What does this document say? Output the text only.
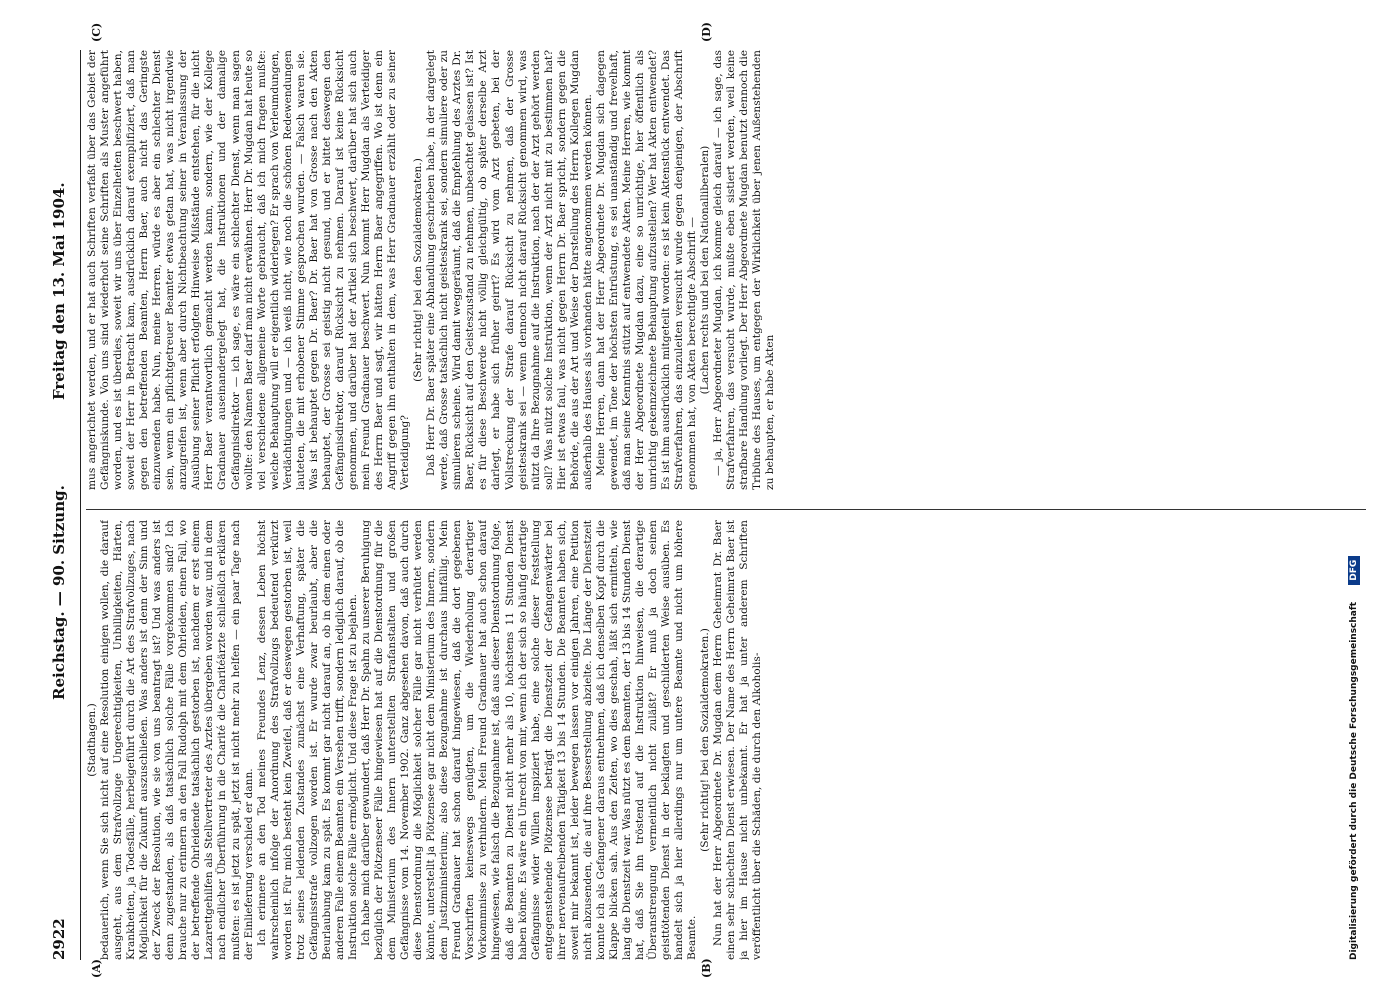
2922
Reichstag. — 90. Sitzung.
Freitag den 13. Mai 1904.
(A)	(B)
(C)	(D)

(Stadthagen.) bedauerlich, wenn Sie sich nicht auf eine Resolution einigen wollen, die darauf ausgeht, aus dem Strafvollzuge Ungerechtigkeiten, Unbilligkeiten, Härten, Krankheiten, ja Todesfälle, herbeigeführt durch die Art des Strafvollzuges, nach Möglichkeit für die Zukunft auszuschließen. Was anders ist denn der Sinn und der Zweck der Resolution, wie sie von uns beantragt ist? Und was anders ist denn zugestanden, als daß tatsächlich solche Fälle vorgekommen sind? Ich brauche nur zu erinnern an den Fall Rudolph mit dem Ohrleiden, einen Fall, wo der betreffende Ohrleidende tatsächlich gestorben ist, nachdem er erst einem Lazarettgehilfen als Stellvertreter des Arztes übergeben worden war, und in dem nach endlicher Überführung in die Charité die Charitéärzte schließlich erklären mußten: es ist jetzt zu spät, jetzt ist nicht mehr zu helfen — ein paar Tage nach der Einlieferung verschied er dann. Ich erinnere an den Tod meines Freundes Lenz, dessen Leben höchst wahrscheinlich infolge der Anordnung des Strafvollzugs bedeutend verkürzt worden ist. Für mich besteht kein Zweifel, daß er deswegen gestorben ist, weil trotz seines leidenden Zustandes zunächst eine Verhaftung, später die Gefängnisstrafe vollzogen worden ist. Er wurde zwar beurlaubt, aber die Beurlaubung kam zu spät. Es kommt gar nicht darauf an, ob in dem einen oder anderen Falle einem Beamten ein Versehen trifft, sondern lediglich darauf, ob die Instruktion solche Fälle ermöglicht. Und diese Frage ist zu bejahen. Ich habe mich darüber gewundert, daß Herr Dr. Spahn zu unserer Beruhigung bezüglich der Plötzenseer Fälle hingewiesen hat auf die Dienstordnung für die dem Ministerium des Innern unterstellten Strafanstalten und großen Gefängnisse vom 14. November 1902. Ganz abgesehen davon, daß auch durch diese Dienstordnung die Möglichkeit solcher Fälle gar nicht verhütet werden könnte, unterstellt ja Plötzensee gar nicht dem Ministerium des Innern, sondern dem Justizministerium; also diese Bezugnahme ist durchaus hinfällig. Mein Freund Gradnauer hat schon darauf hingewiesen, daß die dort gegebenen Vorschriften keineswegs genügten, um die Wiederholung derartiger Vorkommnisse zu verhindern. Mein Freund Gradnauer hat auch schon darauf hingewiesen, wie falsch die Bezugnahme ist, daß aus dieser Dienstordnung folge, daß die Beamten zu Dienst nicht mehr als 10, höchstens 11 Stunden Dienst haben könne. Es wäre ein Unrecht von mir, wenn ich der sich so häufig derartige Gefängnisse wider Willen inspiziert habe, eine solche dieser Feststellung entgegenstehende Plötzensee beträgt die Dienstzeit der Gefangenwärter bei ihrer nervenaufreibenden Tätigkeit 13 bis 14 Stunden. Die Beamten haben sich, soweit mir bekannt ist, leider bewegen lassen vor einigen Jahren, eine Petition nicht abzusenden, die auf ihre Besserstellung abzielte. Die Länge der Dienstzeit konnte ich als Gefangener daraus entnehmen, daß ich denselben Kopf durch die Klappe blicken sah. Aus den Zeiten, wo dies geschah, läßt sich ermitteln, wie lang die Dienstzeit war. Was nützt es dem Beamten, der 13 bis 14 Stunden Dienst hat, daß Sie ihn tröstend auf die Instruktion hinweisen, die derartige Überanstrengung vermeintlich nicht zuläßt? Er muß ja doch seinen geisttötenden Dienst in der beklagten und geschilderten Weise ausüben. Es handelt sich ja hier allerdings nur um untere Beamte und nicht um höhere Beamte.

(Sehr richtig! bei den Sozialdemokraten.) Nun hat der Herr Abgeordnete Dr. Mugdan dem Herrn Geheimrat Dr. Baer einen sehr schlechten Dienst erwiesen. Der Name des Herrn Geheimrat Baer ist ja hier im Hause nicht unbekannt. Er hat ja unter anderem Schriften veröffentlicht über die Schäden, die durch den Alkoholis-

mus angerichtet werden, und er hat auch Schriften verfaßt über das Gebiet der Gefängniskunde. Von uns sind wiederholt seine Schriften als Muster angeführt worden, und es ist überdies, soweit wir uns über Einzelheiten beschwert haben, soweit der Herr in Betracht kam, ausdrücklich darauf exemplifiziert, daß man gegen den betreffenden Beamten, Herrn Baer, auch nicht das Geringste einzuwenden habe. Nun, meine Herren, würde es aber ein schlechter Dienst sein, wenn ein pflichtgetreuer Beamter etwas getan hat, was nicht irgendwie anzugreifen ist, wenn aber durch Nichtbeachtung seiner in Veranlassung der Ausübung seiner Pflicht erfolgten Hinweise Mißstände entstehen, für die nicht Herr Baer verantwortlich gemacht werden kann, sondern, wie der Kollege Gradnauer auseinandergelegt hat, die Instruktionen und der damalige Gefängnisdirektor — ich sage, es wäre ein schlechter Dienst, wenn man sagen wollte: den Namen Baer darf man nicht erwähnen. Herr Dr. Mugdan hat heute so viel verschiedene allgemeine Worte gebraucht, daß ich mich fragen mußte: welche Behauptung will er eigentlich widerlegen? Er sprach von Verleumdungen, Verdächtigungen und — ich weiß nicht, wie noch die schönen Redewendungen lauteten, die mit erhobener Stimme gesprochen wurden. — Falsch waren sie. Was ist behauptet gegen Dr. Baer? Dr. Baer hat von Grosse nach den Akten behauptet, der Grosse sei geistig nicht gesund, und er bittet deswegen den Gefängnisdirektor, darauf Rücksicht zu nehmen. Darauf ist keine Rücksicht genommen, und darüber hat der Artikel sich beschwert, darüber hat sich auch mein Freund Gradnauer beschwert. Nun kommt Herr Mugdan als Verteidiger des Herrn Baer und sagt, wir hätten Herrn Baer angegriffen. Wo ist denn ein Angriff gegen ihn enthalten in dem, was Herr Gradnauer erzählt oder zu seiner Verteidigung?

(Sehr richtig! bei den Sozialdemokraten.) Daß Herr Dr. Baer später eine Abhandlung geschrieben habe, in der dargelegt werde, daß Grosse tatsächlich nicht geisteskrank sei, sondern simuliere oder zu simulieren scheine. Wird damit weggeräumt, daß die Empfehlung des Arztes Dr. Baer, Rücksicht auf den Geisteszustand zu nehmen, unbeachtet gelassen ist? Ist es für diese Beschwerde nicht völlig gleichgültig, ob später derselbe Arzt darlegt, er habe sich früher geirrt? Es wird vom Arzt gebeten, bei der Vollstreckung der Strafe darauf Rücksicht zu nehmen, daß der Grosse geisteskrank sei — wenn dennoch nicht darauf Rücksicht genommen wird, was nützt da Ihre Bezugnahme auf die Instruktion, nach der der Arzt gehört werden soll? Was nützt solche Instruktion, wenn der Arzt nicht mit zu bestimmen hat? Hier ist etwas faul, was nicht gegen Herrn Dr. Baer spricht, sondern gegen die Behörde, die aus der Art und Weise der Darstellung des Herrn Kollegen Mugdan außerhalb des Hauses als vorhanden hätte angenommen werden können. Meine Herren, dann hat der Herr Abgeordnete Dr. Mugdan sich dagegen gewendet, im Tone der höchsten Entrüstung, es sei unanständig und frevelhaft, daß man seine Kenntnis stützt auf entwendete Akten. Meine Herren, wie kommt der Herr Abgeordnete Mugdan dazu, eine so unrichtige, hier öffentlich als unrichtig gekennzeichnete Behauptung aufzustellen? Wer hat Akten entwendet? Es ist ihm ausdrücklich mitgeteilt worden: es ist kein Aktenstück entwendet. Das Strafverfahren, das einzuleiten versucht wurde gegen denjenigen, der Abschrift genommen hat, von Akten berechtigte Abschrift — (Lachen rechts und bei den Nationalliberalen) — ja, Herr Abgeordneter Mugdan, ich komme gleich darauf — ich sage, das Strafverfahren, das versucht wurde, mußte eben sistiert werden, weil keine strafbare Handlung vorliegt. Der Herr Abgeordnete Mugdan benutzt dennoch die Tribüne des Hauses, um entgegen der Wirklichkeit über jenen Außenstehenden zu behaupten, er habe Akten

Digitalisierung gefördert durch die Deutsche Forschungsgemeinschaft DFG
